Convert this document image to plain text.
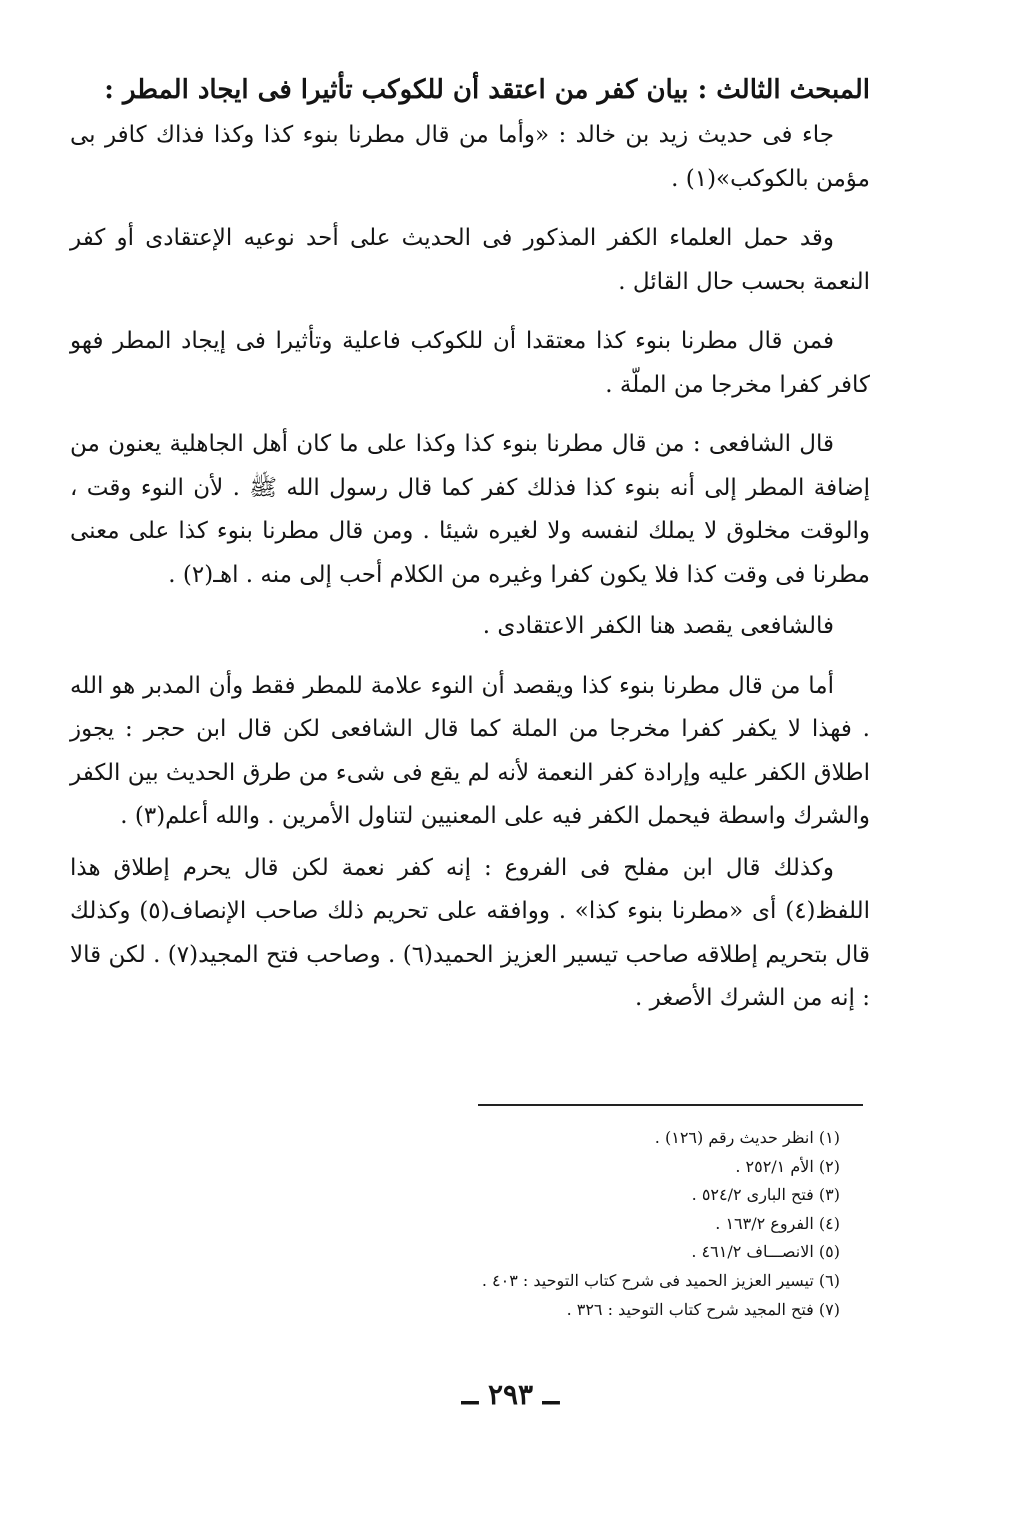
المبحث الثالث : بيان كفر من اعتقد أن للكوكب تأثيرا فى ايجاد المطر :

جاء فى حديث زيد بن خالد : «وأما من قال مطرنا بنوء كذا وكذا فذاك كافر بى مؤمن بالكوكب»(١) .

وقد حمل العلماء الكفر المذكور فى الحديث على أحد نوعيه الإعتقادى أو كفر النعمة بحسب حال القائل .

فمن قال مطرنا بنوء كذا معتقدا أن للكوكب فاعلية وتأثيرا فى إيجاد المطر فهو كافر كفرا مخرجا من الملّة .

قال الشافعى : من قال مطرنا بنوء كذا وكذا على ما كان أهل الجاهلية يعنون من إضافة المطر إلى أنه بنوء كذا فذلك كفر كما قال رسول الله ﷺ . لأن النوء وقت ، والوقت مخلوق لا يملك لنفسه ولا لغيره شيئا . ومن قال مطرنا بنوء كذا على معنى مطرنا فى وقت كذا فلا يكون كفرا وغيره من الكلام أحب إلى منه . اهـ(٢) .

فالشافعى يقصد هنا الكفر الاعتقادى .

أما من قال مطرنا بنوء كذا ويقصد أن النوء علامة للمطر فقط وأن المدبر هو الله . فهذا لا يكفر كفرا مخرجا من الملة كما قال الشافعى لكن قال ابن حجر : يجوز اطلاق الكفر عليه وإرادة كفر النعمة لأنه لم يقع فى شىء من طرق الحديث بين الكفر والشرك واسطة فيحمل الكفر فيه على المعنيين لتناول الأمرين . والله أعلم(٣) .

وكذلك قال ابن مفلح فى الفروع : إنه كفر نعمة لكن قال يحرم إطلاق هذا اللفظ(٤) أى «مطرنا بنوء كذا» . ووافقه على تحريم ذلك صاحب الإنصاف(٥) وكذلك قال بتحريم إطلاقه صاحب تيسير العزيز الحميد(٦) . وصاحب فتح المجيد(٧) . لكن قالا : إنه من الشرك الأصغر .

(١) انظر حديث رقم (١٢٦) .
(٢) الأم ٢٥٢/١ .
(٣) فتح البارى ٥٢٤/٢ .
(٤) الفروع ١٦٣/٢ .
(٥) الانصـــاف ٤٦١/٢ .
(٦) تيسير العزيز الحميد فى شرح كتاب التوحيد : ٤٠٣ .
(٧) فتح المجيد شرح كتاب التوحيد : ٣٢٦ .
ــ ٢٩٣ ــ
